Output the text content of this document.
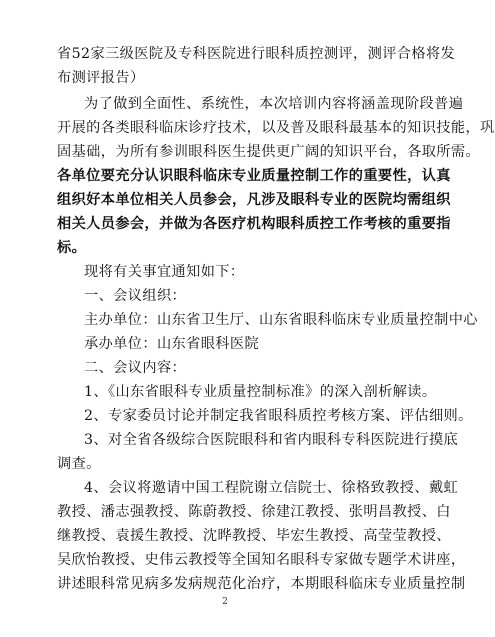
省52家三级医院及专科医院进行眼科质控测评，测评合格将发
布测评报告）
为了做到全面性、系统性，本次培训内容将涵盖现阶段普遍
开展的各类眼科临床诊疗技术，以及普及眼科最基本的知识技能，巩
固基础，为所有参训眼科医生提供更广阔的知识平台，各取所需。
各单位要充分认识眼科临床专业质量控制工作的重要性，认真
组织好本单位相关人员参会，凡涉及眼科专业的医院均需组织
相关人员参会，并做为各医疗机构眼科质控工作考核的重要指
标。
现将有关事宜通知如下：
一、会议组织：
主办单位：山东省卫生厅、山东省眼科临床专业质量控制中心
承办单位：山东省眼科医院
二、会议内容：
1、《山东省眼科专业质量控制标准》的深入剖析解读。
2、专家委员讨论并制定我省眼科质控考核方案、评估细则。
3、对全省各级综合医院眼科和省内眼科专科医院进行摸底
调查。
4、会议将邀请中国工程院谢立信院士、徐格致教授、戴虹
教授、潘志强教授、陈蔚教授、徐建江教授、张明昌教授、白
继教授、袁援生教授、沈晔教授、毕宏生教授、高莹莹教授、
吴欣怡教授、史伟云教授等全国知名眼科专家做专题学术讲座，
2
讲述眼科常见病多发病规范化治疗，本期眼科临床专业质量控制
